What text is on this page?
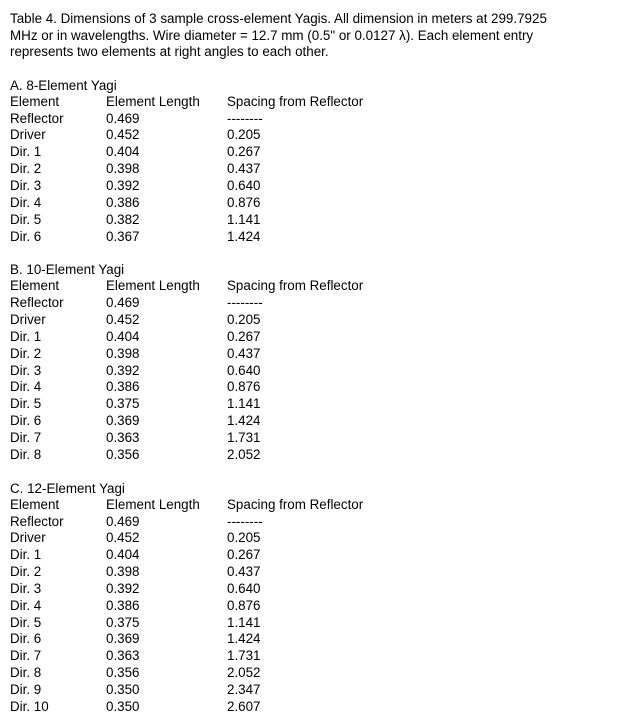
Table 4. Dimensions of 3 sample cross-element Yagis. All dimension in meters at 299.7925
MHz or in wavelengths. Wire diameter = 12.7 mm (0.5" or 0.0127 λ). Each element entry
represents two elements at right angles to each other.
A. 8-Element Yagi
Element	Element Length	Spacing from Reflector
Reflector	0.469	--------
Driver	0.452	0.205
Dir. 1	0.404	0.267
Dir. 2	0.398	0.437
Dir. 3	0.392	0.640
Dir. 4	0.386	0.876
Dir. 5	0.382	1.141
Dir. 6	0.367	1.424
B. 10-Element Yagi
Element	Element Length	Spacing from Reflector
Reflector	0.469	--------
Driver	0.452	0.205
Dir. 1	0.404	0.267
Dir. 2	0.398	0.437
Dir. 3	0.392	0.640
Dir. 4	0.386	0.876
Dir. 5	0.375	1.141
Dir. 6	0.369	1.424
Dir. 7	0.363	1.731
Dir. 8	0.356	2.052
C. 12-Element Yagi
Element	Element Length	Spacing from Reflector
Reflector	0.469	--------
Driver	0.452	0.205
Dir. 1	0.404	0.267
Dir. 2	0.398	0.437
Dir. 3	0.392	0.640
Dir. 4	0.386	0.876
Dir. 5	0.375	1.141
Dir. 6	0.369	1.424
Dir. 7	0.363	1.731
Dir. 8	0.356	2.052
Dir. 9	0.350	2.347
Dir. 10	0.350	2.607
